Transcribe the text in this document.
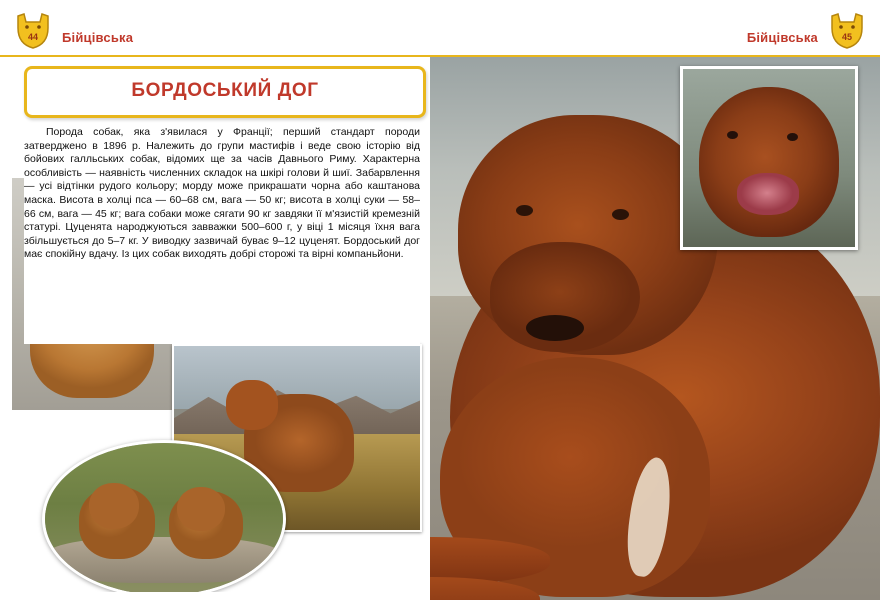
БОРДОСЬКИЙ ДОГ

Порода собак, яка з'явилася у Франції; перший стандарт породи затверджено в 1896 р. Належить до групи мастифів і веде свою історію від бойових галльських собак, відомих ще за часів Давнього Риму. Характерна особливість — наявність численних складок на шкірі голови й шиї. Забарвлення — усі відтінки рудого кольору; морду може прикрашати чорна або каштанова маска. Висота в холці пса — 60–68 см, вага — 50 кг; висота в холці суки — 58–66 см, вага — 45 кг; вага собаки може сягати 90 кг завдяки її м'язистій кремезній статурі. Цуценята народжуються завважки 500–600 г, у віці 1 місяця їхня вага збільшується до 5–7 кг. У виводку зазвичай буває 9–12 цуценят. Бордоський дог має спокійну вдачу. Із цих собак виходять добрі сторожі та вірні компаньйони.

Бійцівська	Бійцівська
44	45
